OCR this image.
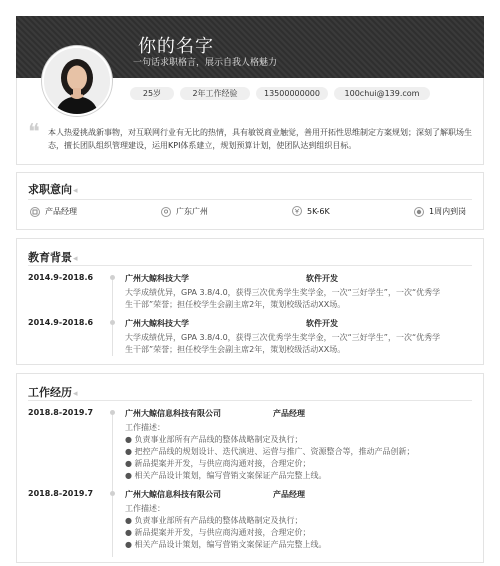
你的名字
一句话求职格言，展示自我人格魅力
25岁	2年工作经验	13500000000	100chui@139.com
❝ 本人热爱挑战新事物，对互联网行业有无比的热情，具有敏锐商业触觉，善用开拓性思维制定方案规划；深刻了解职场生态，擅长团队组织管理建设，运用KPI体系建立，规划预算计划，使团队达到组织目标。
求职意向◂
产品经理	广东广州	5K-6K	1周内到岗
教育背景◂
2014.9-2018.6	广州大鲸科技大学	软件开发
大学成绩优异，GPA 3.8/4.0，获得三次优秀学生奖学金，一次“三好学生”，一次“优秀学
生干部”荣誉；担任校学生会副主席2年，策划校级活动XX场。
2014.9-2018.6	广州大鲸科技大学	软件开发
大学成绩优异，GPA 3.8/4.0，获得三次优秀学生奖学金，一次“三好学生”，一次“优秀学
生干部”荣誉；担任校学生会副主席2年，策划校级活动XX场。
工作经历◂
2018.8-2019.7	广州大鲸信息科技有限公司	产品经理
工作描述：
● 负责事业部所有产品线的整体战略制定及执行；
● 把控产品线的规划设计、迭代演进、运营与推广、资源整合等，推动产品创新；
● 新品提案并开发，与供应商沟通对接，合理定价；
● 相关产品设计策划，编写营销文案保证产品完整上线。
2018.8-2019.7	广州大鲸信息科技有限公司	产品经理
工作描述：
● 负责事业部所有产品线的整体战略制定及执行；
● 新品提案并开发，与供应商沟通对接，合理定价；
● 相关产品设计策划，编写营销文案保证产品完整上线。
